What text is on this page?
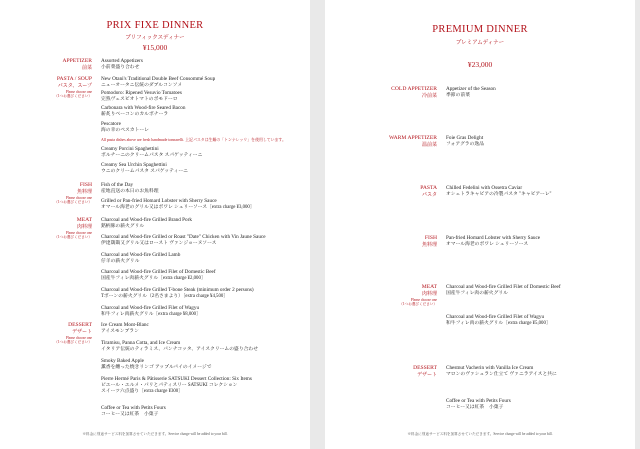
PRIX FIXE DINNER
プリフィックスディナー
¥15,000
APPETIZER
前菜
PASTA / SOUP
パスタ、スープ
Please choose one
（1つお選びください）
FISH
魚料理
Please choose one
（1つお選びください）
MEAT
肉料理
Please choose one
（1つお選びください）
DESSERT
デザート
Please choose one
（1つお選びください）
Assorted Appetizers
小前菜盛り合わせ
New Otani's Traditional Double Beef Consommé Soup
ニューオータニ伝統のダブルコンソメ
Pomodoro: Ripened Vesuvio Tomatoes
完熟ヴェスビオトマトのポモドーロ
Carbonara with Wood-fire Seared Bacon
薪炙りベーコンのカルボナーラ
Pescatore
海の幸のペスカトーレ
All pasta dishes above are fresh handmade tonnarelli. 上記パスタは生麺の「トンナレッリ」を使用しています。
Creamy Porcini Spaghettini
ポルチーニのクリームパスタ スパゲッティーニ
Creamy Sea Urchin Spaghettini
ウニのクリームパスタ スパゲッティーニ
Fish of the Day
産地直送の本日のお魚料理
Grilled or Pan-fried Homard Lobster with Sherry Sauce
オマール海老のグリル又はポワレ シェリーソース［extra charge ¥3,000］
Charcoal and Wood-fire Grilled Brand Pork
銘柄豚の薪火グリル
Charcoal and Wood-fire Grilled or Roast "Date" Chicken with Vin Jaune Sauce
伊達鶏鶏又グリル又はロースト ヴァンジョーヌソース
Charcoal and Wood-fire Grilled Lamb
仔羊の薪火グリル
Charcoal and Wood-fire Grilled Filet of Domestic Beef
国産牛フィレ肉薪火グリル［extra charge ¥2,000］
Charcoal and Wood-fire Grilled T-bone Steak (minimum order 2 persons)
Tボーンの薪火グリル（2名さまより）［extra charge ¥4,500］
Charcoal and Wood-fire Grilled Filet of Wagyu
和牛フィレ肉薪火グリル［extra charge ¥8,000］
Ice Cream Mont-Blanc
アイスモンブラン
Tiramisu, Panna Cotta, and Ice Cream
イタリア伝統のティラミス、パンナコッタ、アイスクリームの盛り合わせ
Smoky Baked Apple
薫香を纏った焼きリンゴ アップルパイのイメージで
Pierre Hermé Paris & Pâtisserie SATSUKI Dessert Collection: Six Items
ピエール・エルメ・パリとパティスリー SATSUKI コレクション
スイーツ六点盛り［extra charge ¥300］
Coffee or Tea with Petits Fours
コーヒー又は紅茶　小菓子
※料金に別途サービス料を加算させていただきます。Service charge will be added to your bill.
PREMIUM DINNER
プレミアムディナー
¥23,000
COLD APPETIZER
冷前菜
WARM APPETIZER
温前菜
PASTA
パスタ
FISH
魚料理
MEAT
肉料理
Please choose one
（1つお選びください）
DESSERT
デザート
Appetizer of the Season
季節の前菜
Foie Gras Delight
フォアグラの逸品
Chilled Fedelini with Ossetra Caviar
オシェトラキャビアの冷製パスタ "キャビアーレ"
Pan-fried Homard Lobster with Sherry Sauce
オマール海老のポワレ シェリーソース
Charcoal and Wood-fire Grilled Filet of Domestic Beef
国産牛フィレ肉の薪火グリル
Charcoal and Wood-fire Grilled Filet of Wagyu
和牛フィレ肉の薪火グリル［extra charge ¥5,000］
Chestnut Vacherin with Vanilla Ice Cream
マロンのヴァシュラン仕立て ヴァニラアイスと共に
Coffee or Tea with Petits Fours
コーヒー又は紅茶　小菓子
※料金に別途サービス料を加算させていただきます。Service charge will be added to your bill.
